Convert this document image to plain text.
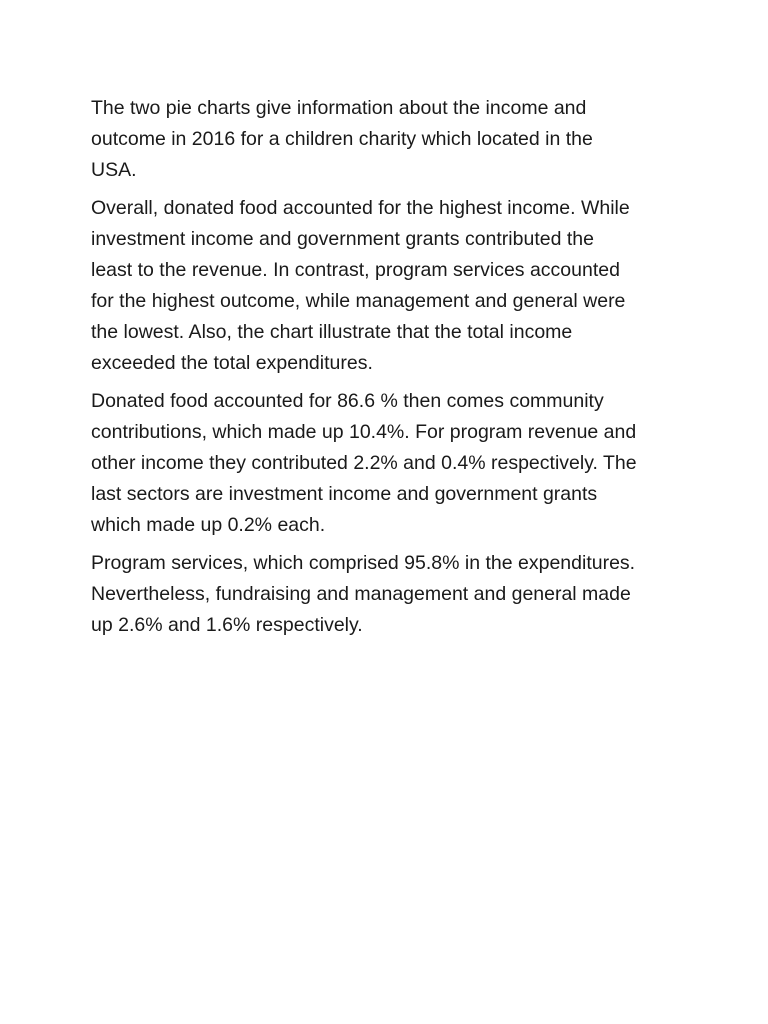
The two pie charts give information about the income and
outcome in 2016 for a children charity which located in the
USA.

Overall, donated food accounted for the highest income. While
investment income and government grants contributed the
least to the revenue. In contrast, program services accounted
for the highest outcome, while management and general were
the lowest. Also, the chart illustrate that the total income
exceeded the total expenditures.

Donated food accounted for 86.6 % then comes community
contributions, which made up 10.4%. For program revenue and
other income they contributed 2.2% and 0.4% respectively. The
last sectors are investment income and government grants
which made up 0.2% each.

Program services, which comprised 95.8% in the expenditures.
Nevertheless, fundraising and management and general made
up 2.6% and 1.6% respectively.
